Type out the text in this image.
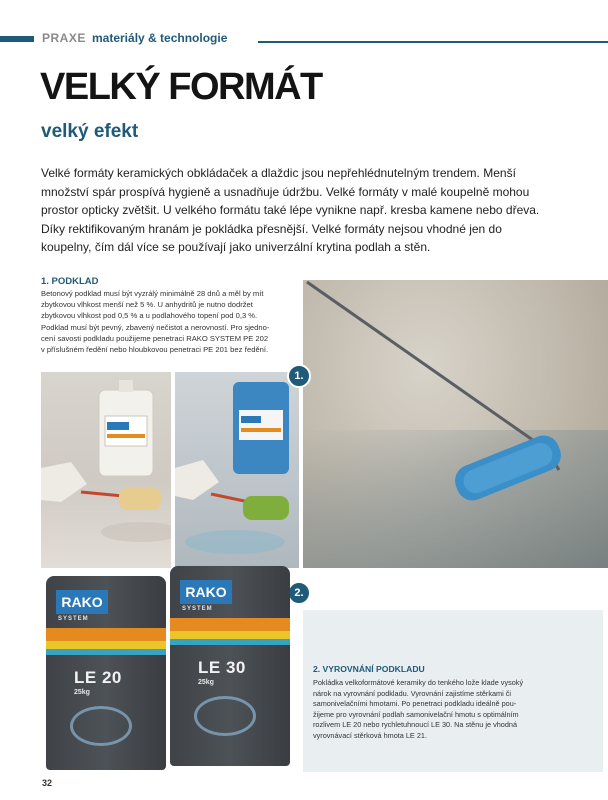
PRAXE materiály & technologie
VELKÝ FORMÁT
velký efekt
Velké formáty keramických obkládaček a dlaždic jsou nepřehlédnutelným trendem. Menší
množství spár prospívá hygieně a usnadňuje údržbu. Velké formáty v malé koupelně mohou
prostor opticky zvětšit. U velkého formátu také lépe vynikne např. kresba kamene nebo dřeva.
Díky rektifikovaným hranám je pokládka přesnější. Velké formáty nejsou vhodné jen do
koupelny, čím dál více se používají jako univerzální krytina podlah a stěn.
1. PODKLAD
Betonový podklad musí být vyzrálý minimálně 28 dnů a měl by mít
zbytkovou vlhkost menší než 5 %. U anhydritů je nutno dodržet
zbytkovou vlhkost pod 0,5 % a u podlahového topení pod 0,3 %.
Podklad musí být pevný, zbavený nečistot a nerovností. Pro sjedno-
cení savosti podkladu použijeme penetraci RAKO SYSTEM PE 202
v příslušném ředění nebo hloubkovou penetraci PE 201 bez ředění.
1.
2.
2. VYROVNÁNÍ PODKLADU
Pokládka velkoformátové keramiky do tenkého lože klade vysoký
nárok na vyrovnání podkladu. Vyrovnání zajistíme stěrkami či
samonivelačními hmotami. Po penetraci podkladu ideálně pou-
žijeme pro vyrovnání podlah samonivelační hmotu s optimálním
rozlivem LE 20 nebo rychletuhnoucí LE 30. Na stěnu je vhodná
vyrovnávací stěrková hmota LE 21.
RAKO
SYSTEM
LE 20
25kg
RAKO
SYSTEM
LE 30
25kg
32
